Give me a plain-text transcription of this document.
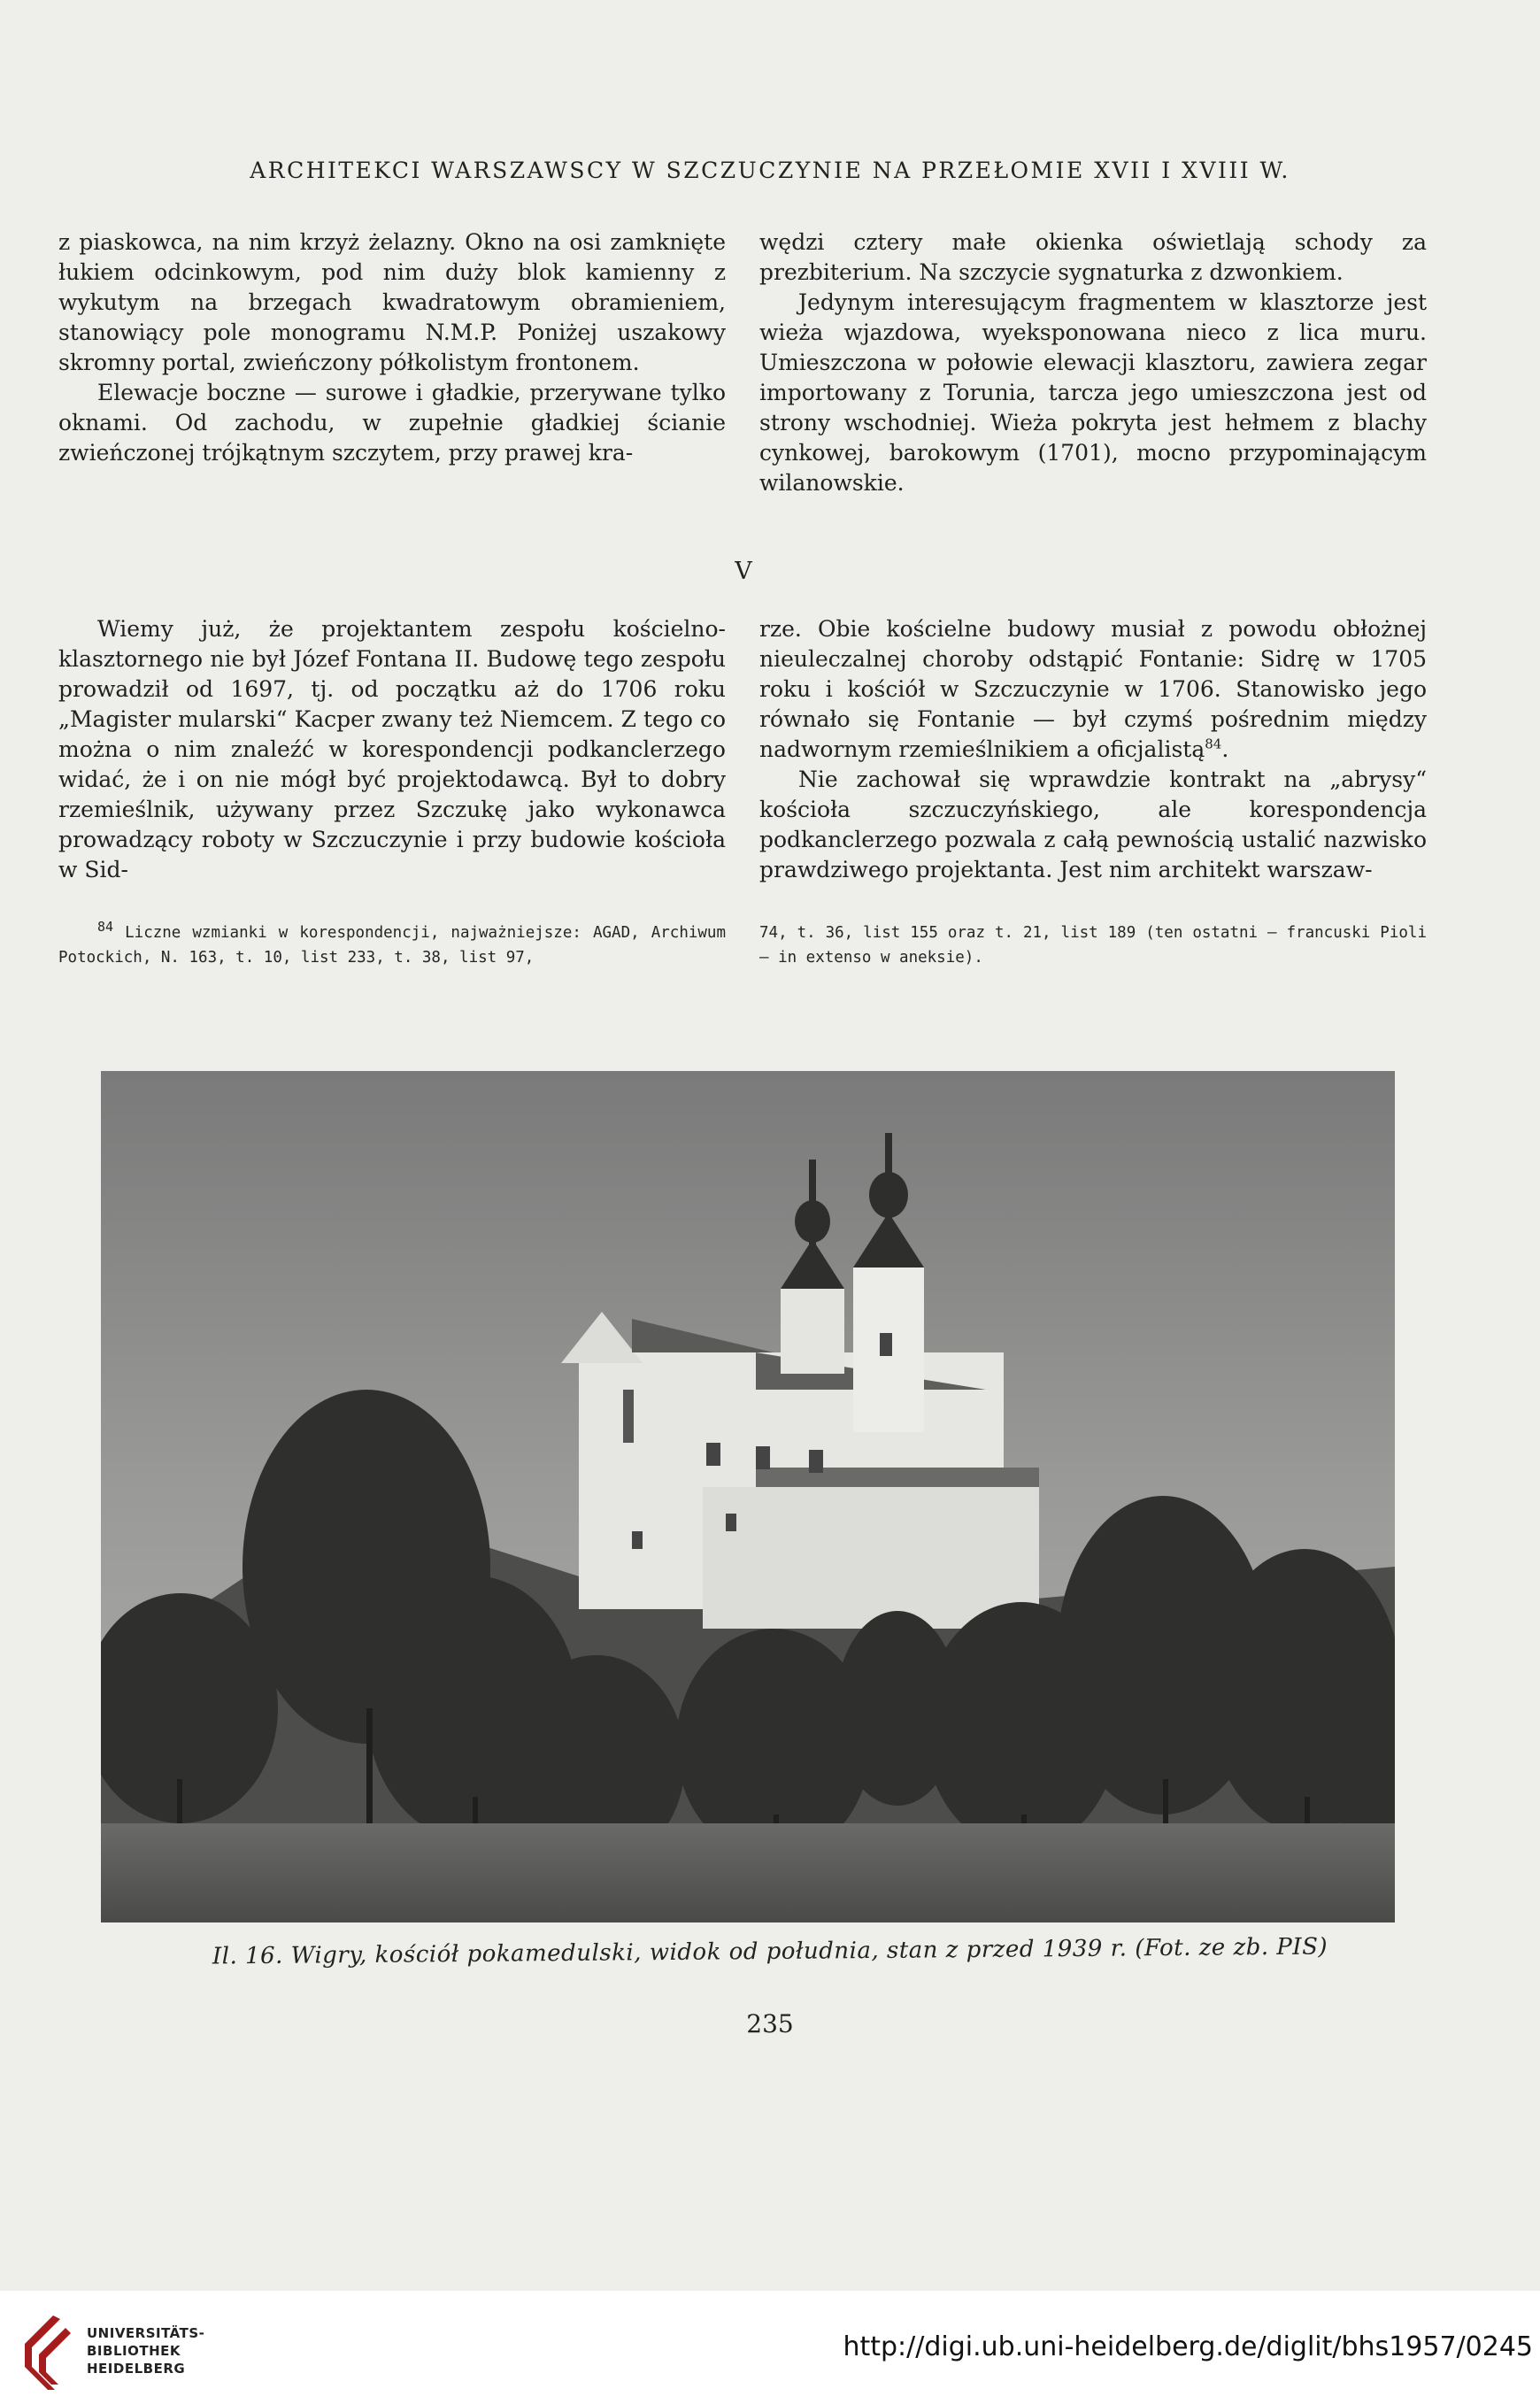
ARCHITEKCI WARSZAWSCY W SZCZUCZYNIE NA PRZEŁOMIE XVII I XVIII W.

z piaskowca, na nim krzyż żelazny. Okno na osi zamknięte łukiem odcinkowym, pod nim duży blok kamienny z wykutym na brzegach kwadratowym obramieniem, stanowiący pole monogramu N.M.P. Poniżej uszakowy skromny portal, zwieńczony półkolistym frontonem.

Elewacje boczne — surowe i gładkie, przerywane tylko oknami. Od zachodu, w zupełnie gładkiej ścianie zwieńczonej trójkątnym szczytem, przy prawej kra-

wędzi cztery małe okienka oświetlają schody za prezbiterium. Na szczycie sygnaturka z dzwonkiem.

Jedynym interesującym fragmentem w klasztorze jest wieża wjazdowa, wyeksponowana nieco z lica muru. Umieszczona w połowie elewacji klasztoru, zawiera zegar importowany z Torunia, tarcza jego umieszczona jest od strony wschodniej. Wieża pokryta jest hełmem z blachy cynkowej, barokowym (1701), mocno przypominającym wilanowskie.

V

Wiemy już, że projektantem zespołu kościelno-klasztornego nie był Józef Fontana II. Budowę tego zespołu prowadził od 1697, tj. od początku aż do 1706 roku „Magister mularski“ Kacper zwany też Niemcem. Z tego co można o nim znaleźć w korespondencji podkanclerzego widać, że i on nie mógł być projektodawcą. Był to dobry rzemieślnik, używany przez Szczukę jako wykonawca prowadzący roboty w Szczuczynie i przy budowie kościoła w Sid-

rze. Obie kościelne budowy musiał z powodu obłożnej nieuleczalnej choroby odstąpić Fontanie: Sidrę w 1705 roku i kościół w Szczuczynie w 1706. Stanowisko jego równało się Fontanie — był czymś pośrednim między nadwornym rzemieślnikiem a oficjalistą$^{84}$.

Nie zachował się wprawdzie kontrakt na „abrysy“ kościoła szczuczyńskiego, ale korespondencja podkanclerzego pozwala z całą pewnością ustalić nazwisko prawdziwego projektanta. Jest nim architekt warszaw-

$^{84}$ Liczne wzmianki w korespondencji, najważniejsze: AGAD, Archiwum Potockich, N. 163, t. 10, list 233, t. 38, list 97,

74, t. 36, list 155 oraz t. 21, list 189 (ten ostatni — francuski Pioli — in extenso w aneksie).

Il. 16. Wigry, kościół pokamedulski, widok od południa, stan z przed 1939 r. (Fot. ze zb. PIS)
235
UNIVERSITÄTS-
BIBLIOTHEK
HEIDELBERG
http://digi.ub.uni-heidelberg.de/diglit/bhs1957/0245
